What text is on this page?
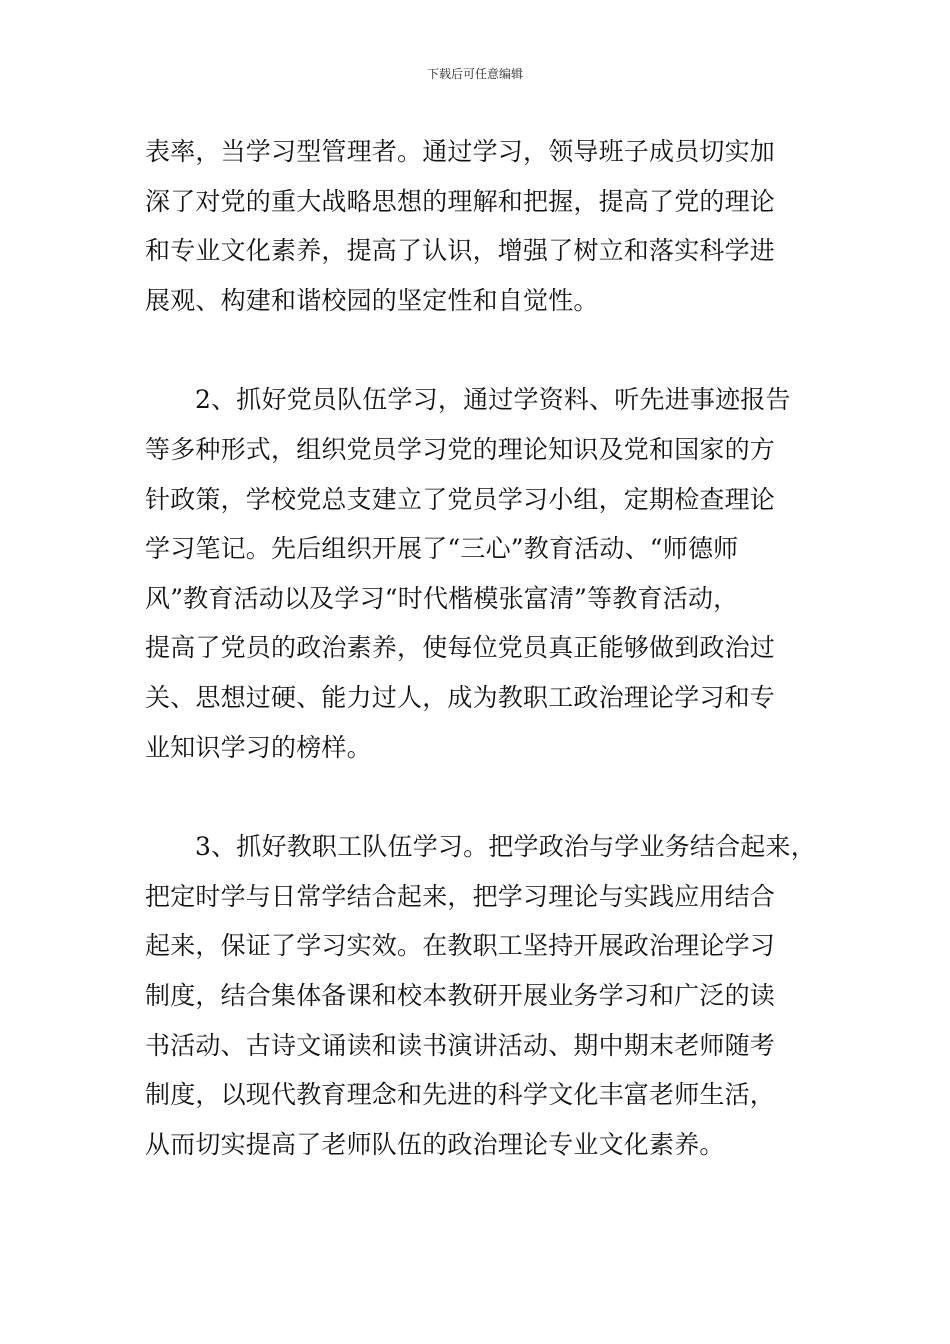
下载后可任意编辑
表率，当学习型管理者。通过学习，领导班子成员切实加
深了对党的重大战略思想的理解和把握，提高了党的理论
和专业文化素养，提高了认识，增强了树立和落实科学进
展观、构建和谐校园的坚定性和自觉性。
2、抓好党员队伍学习，通过学资料、听先进事迹报告
等多种形式，组织党员学习党的理论知识及党和国家的方
针政策，学校党总支建立了党员学习小组，定期检查理论
学习笔记。先后组织开展了“三心”教育活动、“师德师
风”教育活动以及学习“时代楷模张富清”等教育活动，
提高了党员的政治素养，使每位党员真正能够做到政治过
关、思想过硬、能力过人，成为教职工政治理论学习和专
业知识学习的榜样。
3、抓好教职工队伍学习。把学政治与学业务结合起来，
把定时学与日常学结合起来，把学习理论与实践应用结合
起来，保证了学习实效。在教职工坚持开展政治理论学习
制度，结合集体备课和校本教研开展业务学习和广泛的读
书活动、古诗文诵读和读书演讲活动、期中期末老师随考
制度，以现代教育理念和先进的科学文化丰富老师生活，
从而切实提高了老师队伍的政治理论专业文化素养。
